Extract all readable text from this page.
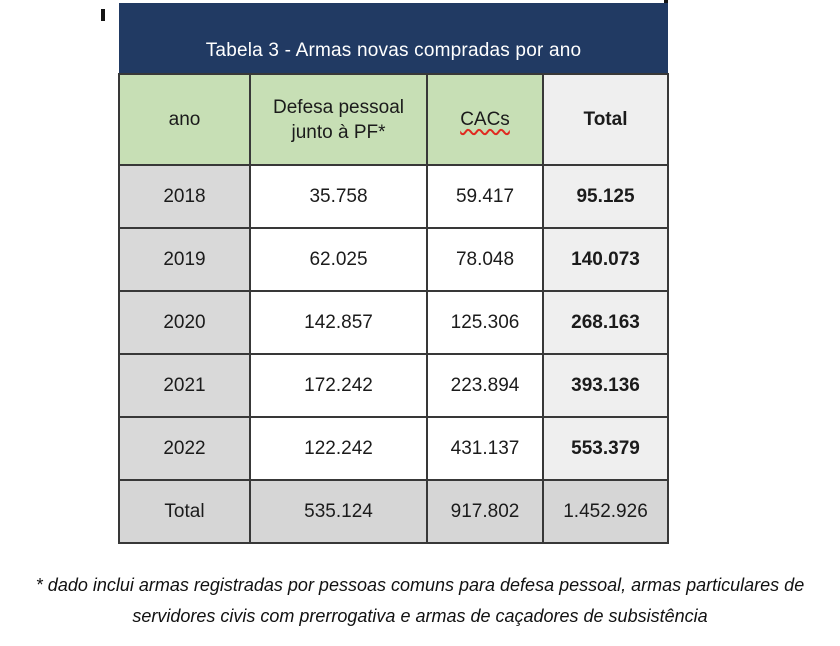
Tabela 3 - Armas novas compradas por ano
ano	Defesa pessoal junto à PF*	CACs	Total
2018	35.758	59.417	95.125
2019	62.025	78.048	140.073
2020	142.857	125.306	268.163
2021	172.242	223.894	393.136
2022	122.242	431.137	553.379
Total	535.124	917.802	1.452.926
* dado inclui armas registradas por pessoas comuns para defesa pessoal, armas particulares de servidores civis com prerrogativa e armas de caçadores de subsistência
